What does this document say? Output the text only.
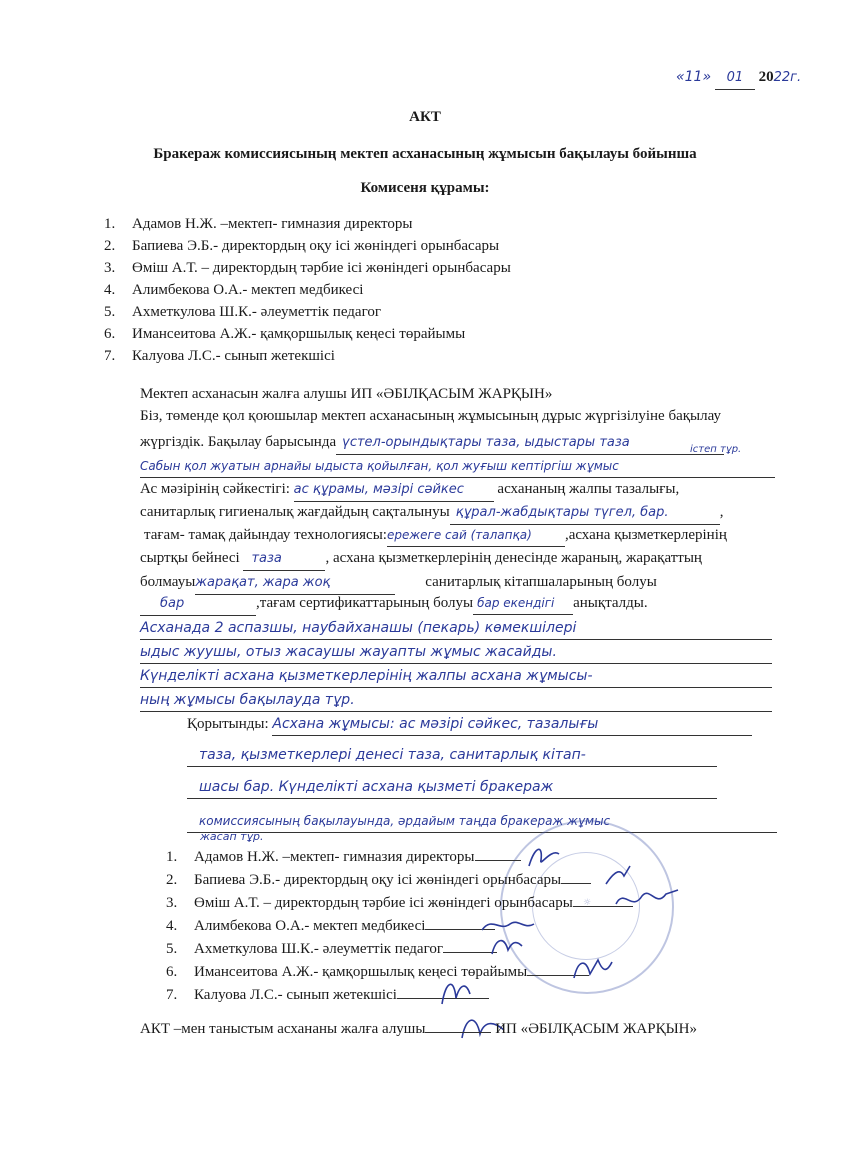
«11» 01 2022г.
АКТ
Бракераж комиссиясының мектеп асханасының жұмысын бақылауы бойынша
Комисеня құрамы:
1. Адамов Н.Ж. –мектеп- гимназия директоры
2. Бапиева Э.Б.- директордың оқу ісі жөніндегі орынбасары
3. Өміш А.Т. – директордың тәрбие ісі жөніндегі орынбасары
4. Алимбекова О.А.- мектеп медбикесі
5. Ахметкулова Ш.К.- әлеуметтік педагог
6. Имансеитова А.Ж.- қамқоршылық кеңесі төрайымы
7. Калуова Л.С.- сынып жетекшісі
Мектеп асханасын жалға алушы ИП «ӘБІЛҚАСЫМ ЖАРҚЫН»
Біз, төменде қол қоюшылар мектеп асханасының жұмысының дұрыс жүргізілуіне бақылау
жүргіздік. Бақылау барысында үстел-орындықтары таза, ыдыстары таза
Сабын қол жуатын арнайы ыдыста қойылған, қол жуғыш кептіргіш жұмыс
істеп тұр.
Ас мәзірінің сәйкестігі: ас құрамы, мәзірі сәйкес асхананың жалпы тазалығы,
санитарлық гигиеналық жағдайдың сақталынуы құрал-жабдықтары түгел, бар.	,
тағам- тамақ дайындау технологиясы:ережеге сай (талапқа) ,асхана қызметкерлерінің
сыртқы бейнесі таза	, асхана қызметкерлерінің денесінде жараның, жарақаттың
болмауыжарақат, жара жоқ	санитарлық кітапшаларының болуы
бар	,тағам сертификаттарының болуы бар екендігі анықталды.
Асханада 2 аспазшы, наубайханашы (пекарь) көмекшілері
ыдыс жуушы, отыз жасаушы жауапты жұмыс жасайды.
Күнделікті асхана қызметкерлерінің жалпы асхана жұмысы-
ның жұмысы бақылауда тұр.
Қорытынды: Асхана жұмысы: ас мәзірі сәйкес, тазалығы
таза, қызметкерлері денесі таза, санитарлық кітап-
шасы бар. Күнделікті асхана қызметі бракераж
комиссиясының бақылауында, әрдайым таңда бракераж жұмыс
жасап тұр.
☼
1. Адамов Н.Ж. –мектеп- гимназия директоры
2. Бапиева Э.Б.- директордың оқу ісі жөніндегі орынбасары
3. Өміш А.Т. – директордың тәрбие ісі жөніндегі орынбасары
4. Алимбекова О.А.- мектеп медбикесі
5. Ахметкулова Ш.К.- әлеуметтік педагог
6. Имансеитова А.Ж.- қамқоршылық кеңесі төрайымы
7. Калуова Л.С.- сынып жетекшісі
АКТ –мен таныстым асхананы жалға алушы	ИП «ӘБІЛҚАСЫМ ЖАРҚЫН»
